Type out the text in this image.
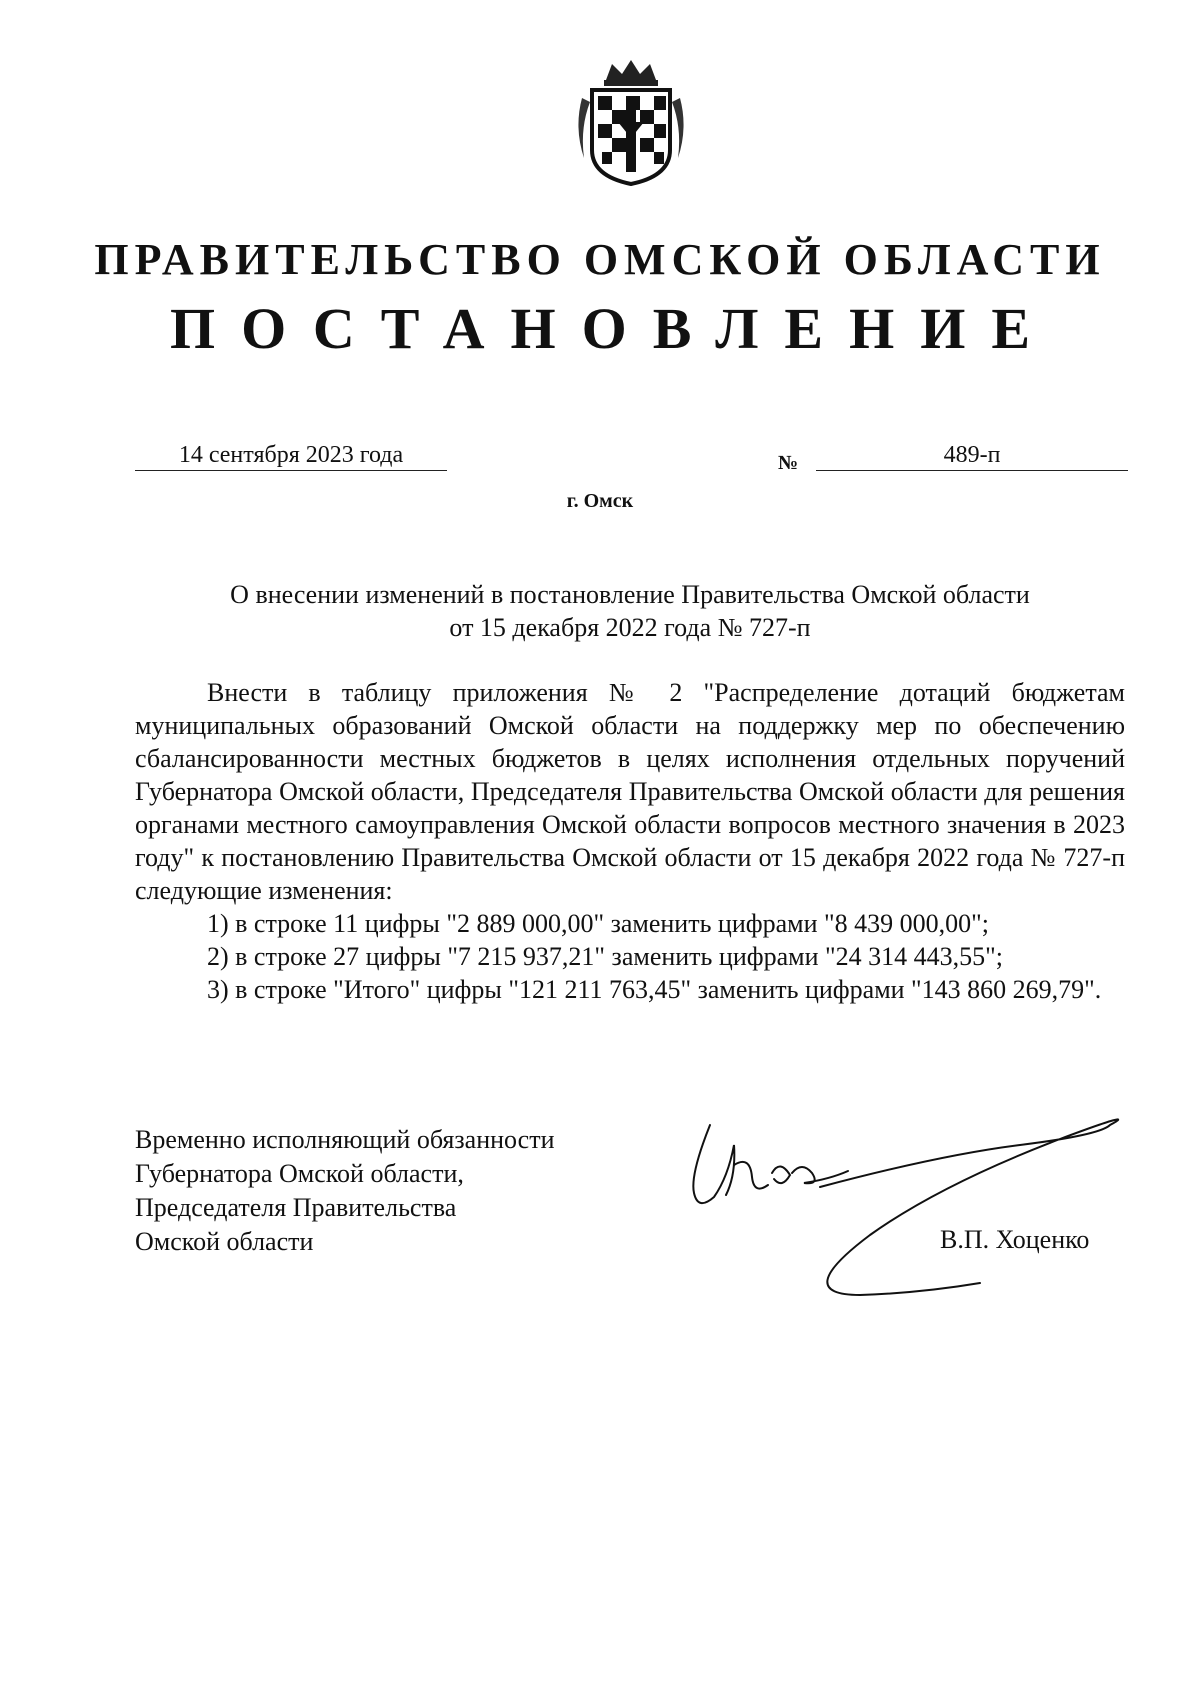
ПРАВИТЕЛЬСТВО ОМСКОЙ ОБЛАСТИ
ПОСТАНОВЛЕНИЕ
14 сентября 2023 года	№	489-п
г. Омск
О внесении изменений в постановление Правительства Омской области
от 15 декабря 2022 года № 727-п

Внести в таблицу приложения № 2 "Распределение дотаций бюджетам муниципальных образований Омской области на поддержку мер по обеспечению сбалансированности местных бюджетов в целях исполнения отдельных поручений Губернатора Омской области, Председателя Правительства Омской области для решения органами местного самоуправления Омской области вопросов местного значения в 2023 году" к постановлению Правительства Омской области от 15 декабря 2022 года № 727-п следующие изменения:

1) в строке 11 цифры "2 889 000,00" заменить цифрами "8 439 000,00";

2) в строке 27 цифры "7 215 937,21" заменить цифрами "24 314 443,55";

3) в строке "Итого" цифры "121 211 763,45" заменить цифрами "143 860 269,79".

Временно исполняющий обязанности
Губернатора Омской области,
Председателя Правительства
Омской области	В.П. Хоценко
